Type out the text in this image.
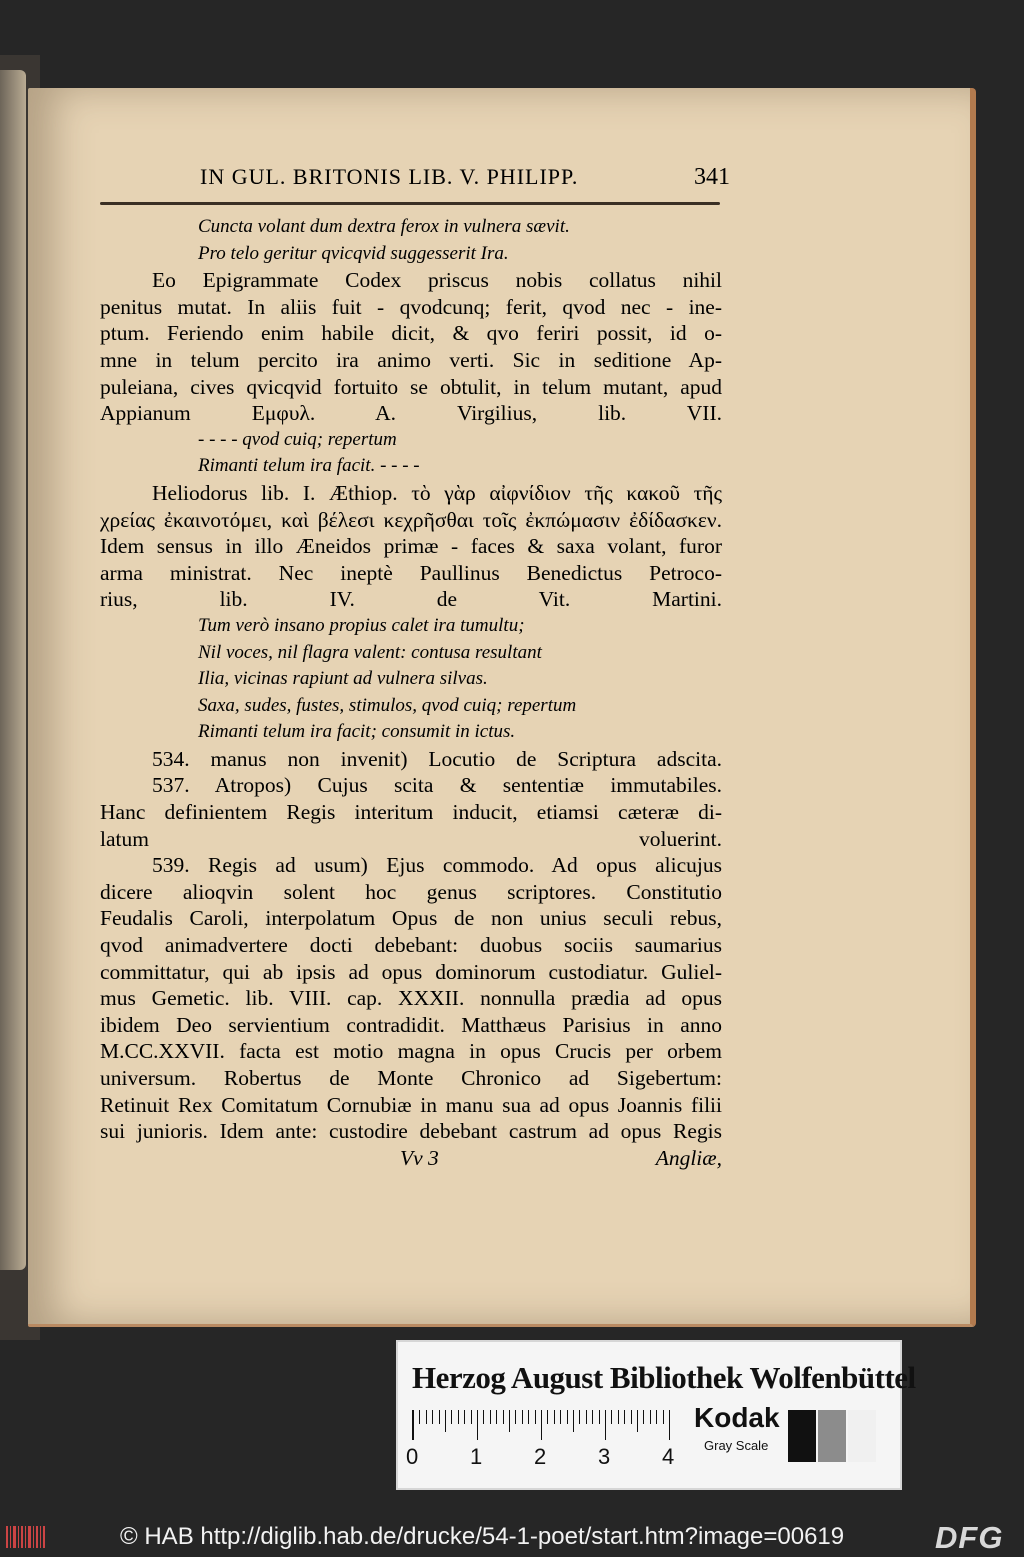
IN GUL. BRITONIS LIB. V. PHILIPP.	341

Cuncta volant dum dextra ferox in vulnera sævit.

Pro telo geritur qvicqvid suggesserit Ira.

Eo Epigrammate Codex priscus nobis collatus nihil

penitus mutat. In aliis fuit - qvodcunq; ferit, qvod nec - ine-

ptum. Feriendo enim habile dicit, & qvo feriri possit, id o-

mne in telum percito ira animo verti. Sic in seditione Ap-

puleiana, cives qvicqvid fortuito se obtulit, in telum mutant, apud

Appianum Εμφυλ. Α. Virgilius, lib. VII.

- - - - qvod cuiq; repertum

Rimanti telum ira facit. - - - -

Heliodorus lib. I. Æthiop. τὸ γὰρ αἰφνίδιον τῆς κακοῦ τῆς

χρείας ἐκαινοτόμει, καὶ βέλεσι κεχρῆσθαι τοῖς ἐκπώμασιν ἐδίδασκεν.

Idem sensus in illo Æneidos primæ - faces & saxa volant, furor

arma ministrat. Nec ineptè Paullinus Benedictus Petroco-

rius, lib. IV. de Vit. Martini.

Tum verò insano propius calet ira tumultu;

Nil voces, nil flagra valent: contusa resultant

Ilia, vicinas rapiunt ad vulnera silvas.

Saxa, sudes, fustes, stimulos, qvod cuiq; repertum

Rimanti telum ira facit; consumit in ictus.

534. manus non invenit) Locutio de Scriptura adscita.

537. Atropos) Cujus scita & sententiæ immutabiles.

Hanc definientem Regis interitum inducit, etiamsi cæteræ di-

latum voluerint.

539. Regis ad usum) Ejus commodo. Ad opus alicujus

dicere alioqvin solent hoc genus scriptores. Constitutio

Feudalis Caroli, interpolatum Opus de non unius seculi rebus,

qvod animadvertere docti debebant: duobus sociis saumarius

committatur, qui ab ipsis ad opus dominorum custodiatur. Guliel-

mus Gemetic. lib. VIII. cap. XXXII. nonnulla prædia ad opus

ibidem Deo servientium contradidit. Matthæus Parisius in anno

M.CC.XXVII. facta est motio magna in opus Crucis per orbem

universum. Robertus de Monte Chronico ad Sigebertum:

Retinuit Rex Comitatum Cornubiæ in manu sua ad opus Joannis filii

sui junioris. Idem ante: custodire debebant castrum ad opus Regis

Vv 3	Angliæ,
Herzog August Bibliothek Wolfenbüttel
0 1 2 3 4
Kodak
Gray Scale
© HAB http://diglib.hab.de/drucke/54-1-poet/start.htm?image=00619	DFG
